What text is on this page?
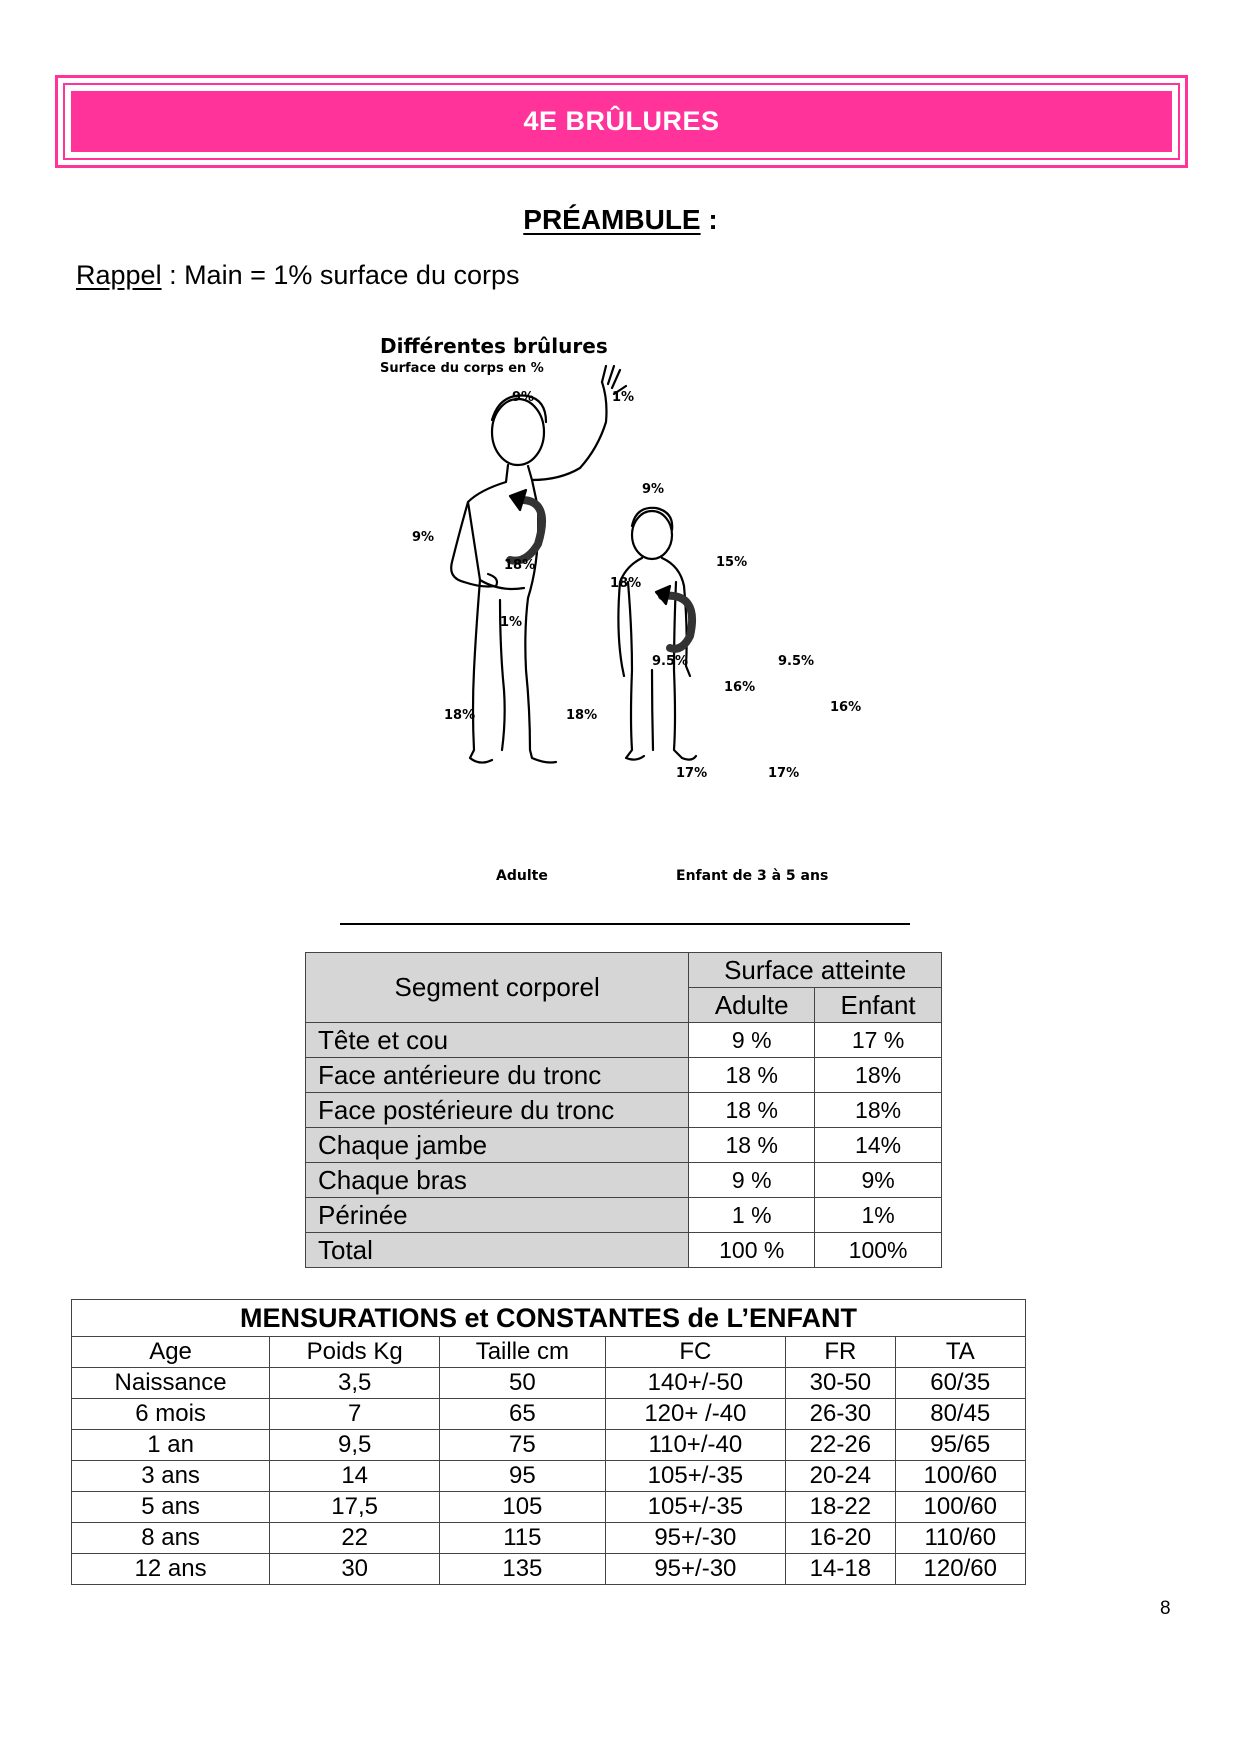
4E BRÛLURES
PRÉAMBULE :
Rappel : Main = 1% surface du corps
Différentes brûlures
Surface du corps en %
9%	1%
9%
9%
18%
18%
1%
18%	18%
15%
9.5%	9.5%
16%
16%
17%	17%
Adulte	Enfant de 3 à 5 ans
Segment corporel	Surface atteinte	
	Adulte	Enfant
Tête et cou	9 %	17 %
Face antérieure du tronc	18 %	18%
Face postérieure du tronc	18 %	18%
Chaque jambe	18 %	14%
Chaque bras	9 %	9%
Périnée	1 %	1%
Total	100 %	100%
MENSURATIONS et CONSTANTES de L’ENFANT					
Age	Poids Kg	Taille cm	FC	FR	TA
Naissance	3,5	50	140+/-50	30-50	60/35
6 mois	7	65	120+ /-40	26-30	80/45
1 an	9,5	75	110+/-40	22-26	95/65
3 ans	14	95	105+/-35	20-24	100/60
5 ans	17,5	105	105+/-35	18-22	100/60
8 ans	22	115	95+/-30	16-20	110/60
12 ans	30	135	95+/-30	14-18	120/60
8
